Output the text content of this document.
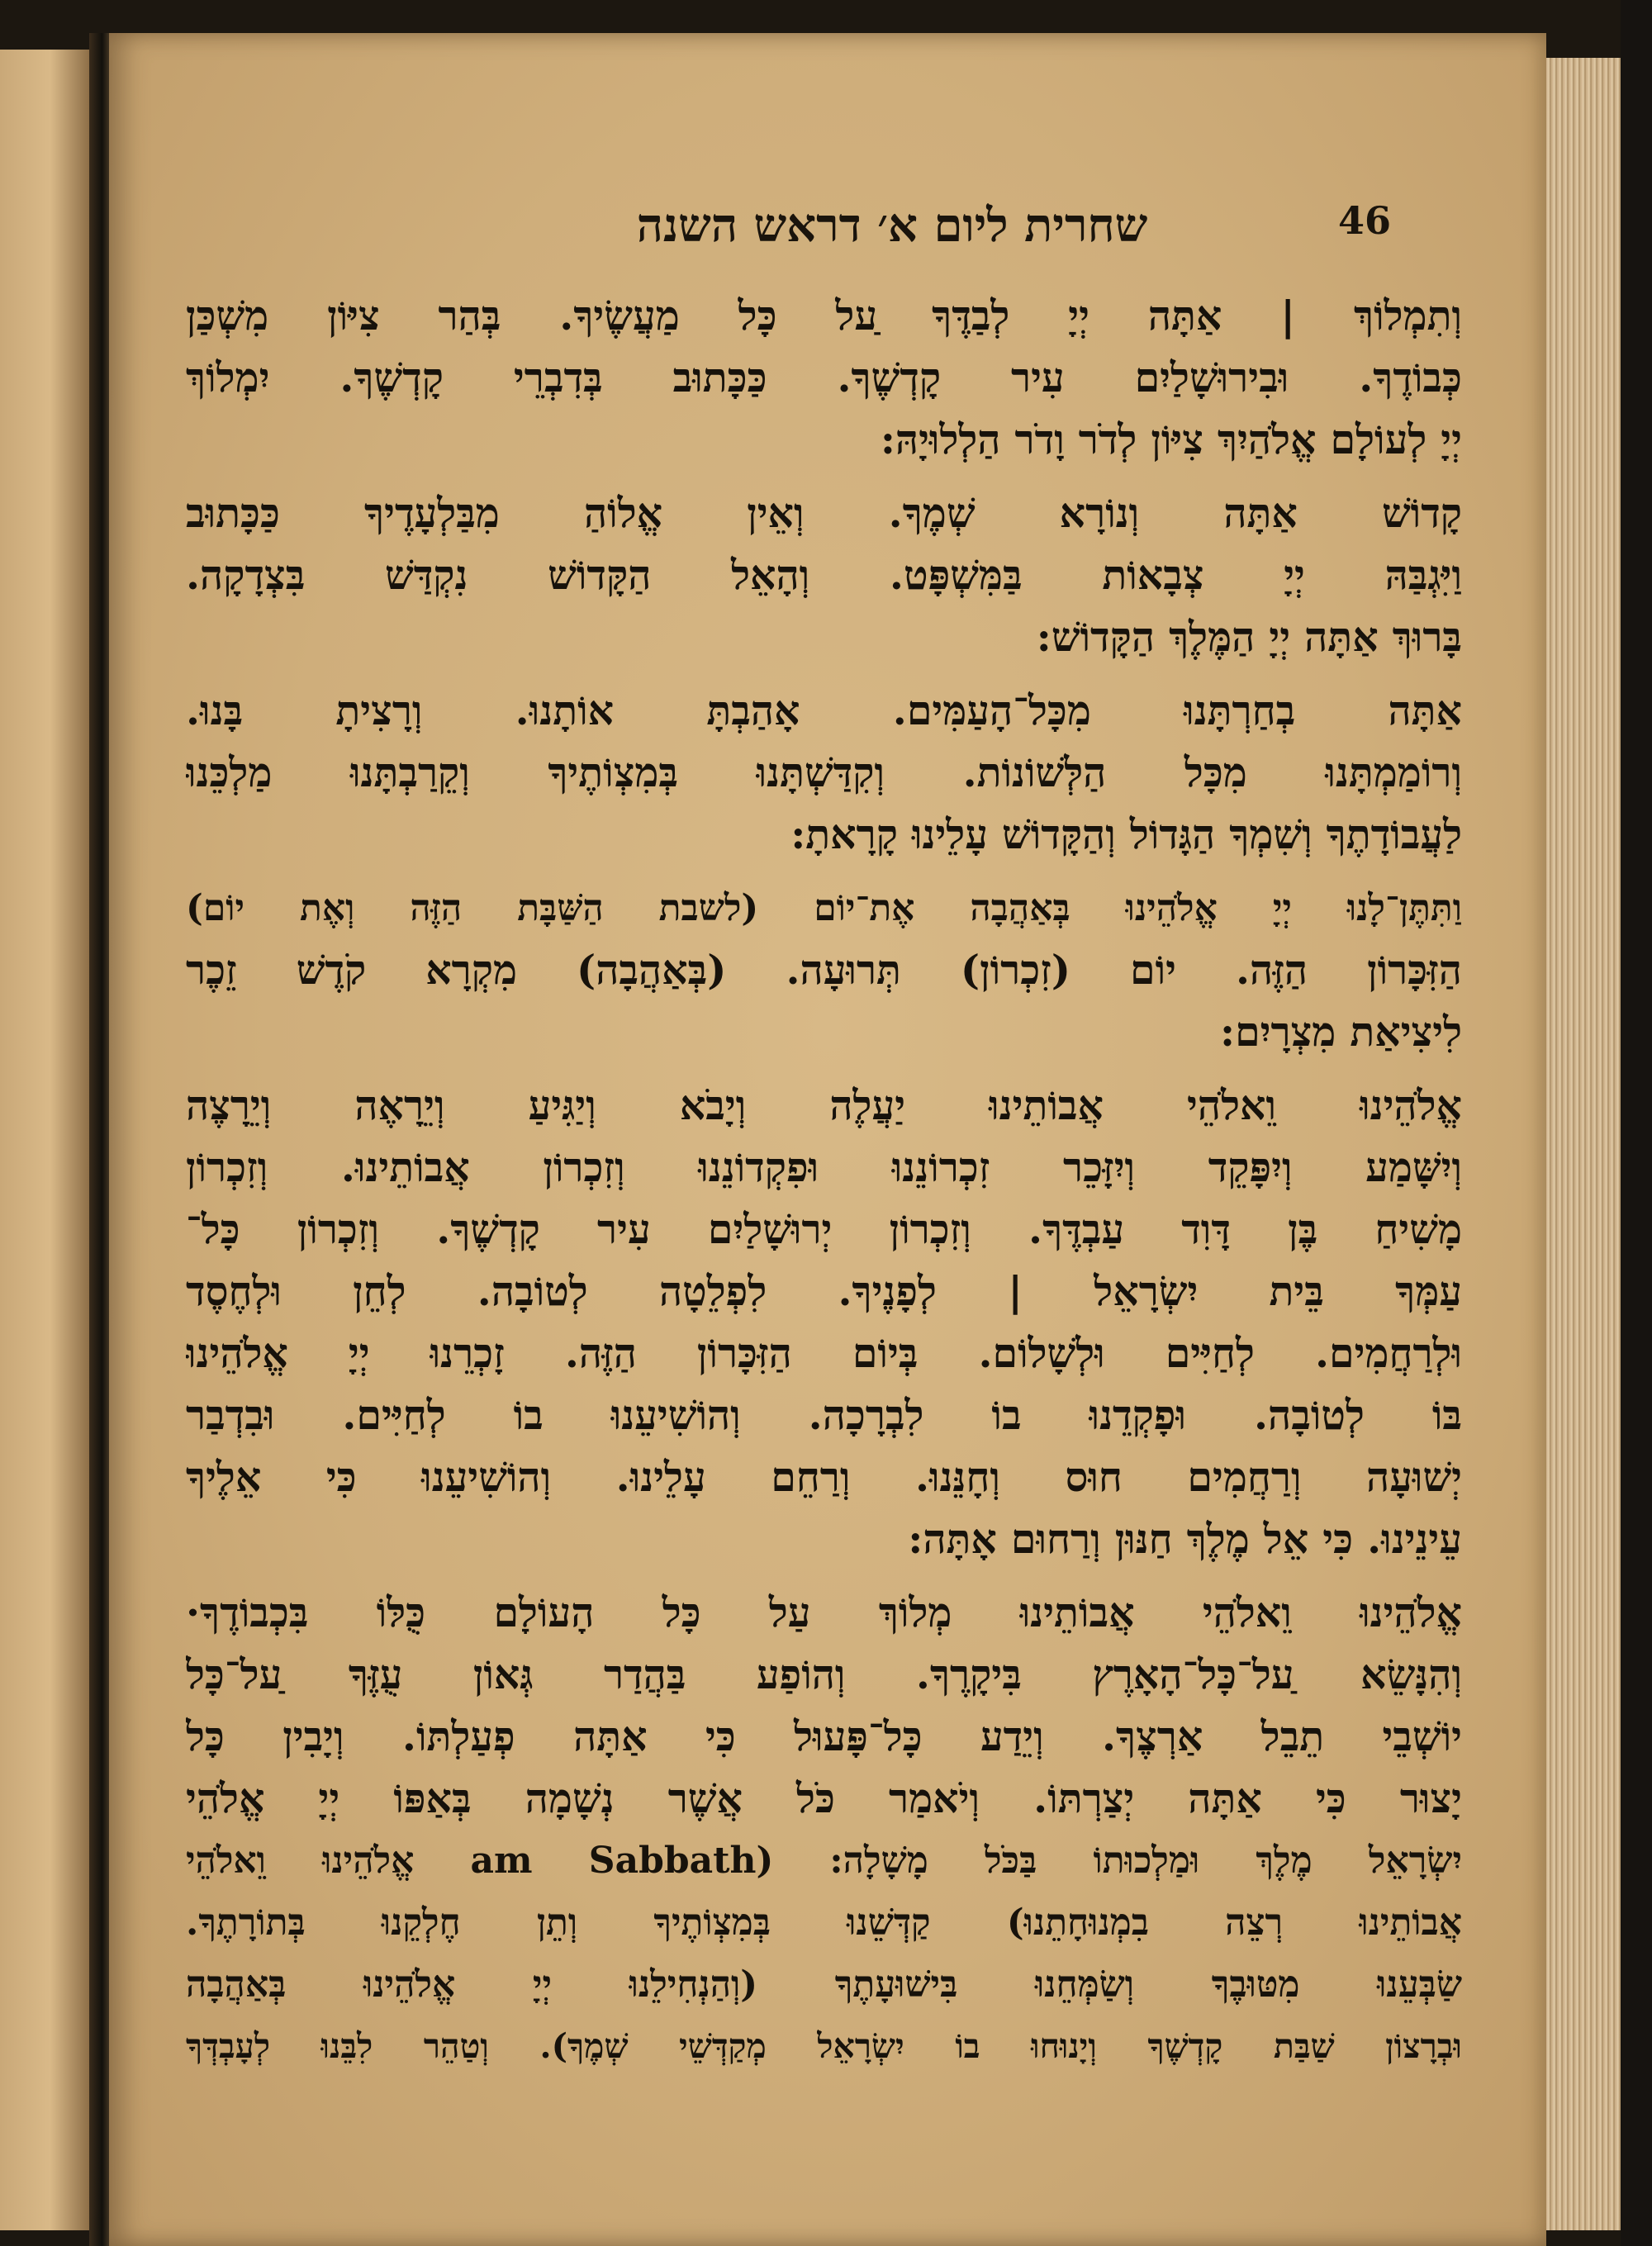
שחרית ליום א׳ דראש השנה	46
וְתִמְלוֹךְ | אַתָּה יְיָ לְבַדֶּךָ ַעל כָּל מַעֲשֶׂיךָ. בְּהַר צִיּוֹן מִשְׁכַּן
כְּבוֹדֶךָ. וּבִירוּשָׁלַיִם עִיר קָדְשֶׁךָ. כַּכָּתוּב בְּדִבְרֵי קָדְשֶׁךָ. יִמְלוֹךְ
יְיָ לְעוֹלָם אֱלֹהַיִךְ צִיּוֹן לְדֹר וָדֹר הַלְלוּיָהּ:
קָדוֹשׁ אַתָּה וְנוֹרָא שְׁמֶךָ. וְאֵין אֱלוֹהַ מִבַּלְעָדֶיךָ כַּכָּתוּב
וַיִּגְבַּהּ יְיָ צְבָאוֹת בַּמִּשְׁפָּט. וְהָאֵל הַקָּדוֹשׁ נִקְדַּשׁ בִּצְדָקָה.
בָּרוּךְ אַתָּה יְיָ הַמֶּלֶךְ הַקָּדוֹשׁ:
אַתָּה בְחַרְתָּנוּ מִכָּל־הָעַמִּים. אָהַבְתָּ אוֹתָנוּ. וְרָצִיתָ בָּנוּ.
וְרוֹמַמְתָּנוּ מִכָּל הַלְּשׁוֹנוֹת. וְקִדַּשְׁתָּנוּ בְּמִצְוֹתֶיךָ וְקֵרַבְתָּנוּ מַלְכֵּנוּ
לַעֲבוֹדָתֶךָ וְשִׁמְךָ הַגָּדוֹל וְהַקָּדוֹשׁ עָלֵינוּ קָרָאתָ:
וַתִּתֶּן־לָנוּ יְיָ אֱלֹהֵינוּ בְּאַהֲבָה אֶת־יוֹם (לשבת הַשַּׁבָּת הַזֶּה וְאֶת יוֹם)
הַזִּכָּרוֹן הַזֶּה. יוֹם (זִכְרוֹן) תְּרוּעָה. (בְּאַהֲבָה) מִקְרָא קֹדֶשׁ זֵכֶר
לִיצִיאַת מִצְרָיִם:
אֱלֹהֵינוּ וֵאלֹהֵי אֲבוֹתֵינוּ יַעֲלֶה וְיָבֹא וְיַגִּיעַ וְיֵרָאֶה וְיֵרָצֶה
וְיִשָּׁמַע וְיִפָּקֵד וְיִזָּכֵר זִכְרוֹנֵנוּ וּפִקְדוֹנֵנוּ וְזִכְרוֹן אֲבוֹתֵינוּ. וְזִכְרוֹן
מָשִׁיחַ בֶּן דָּוִד עַבְדֶּךָ. וְזִכְרוֹן יְרוּשָׁלַיִם עִיר קָדְשֶׁךָ. וְזִכְרוֹן כָּל־
עַמְּךָ בֵּית יִשְׂרָאֵל | לְפָנֶיךָ. לִפְלֵטָה לְטוֹבָה. לְחֵן וּלְחֶסֶד
וּלְרַחֲמִים. לְחַיִּים וּלְשָׁלוֹם. בְּיוֹם הַזִּכָּרוֹן הַזֶּה. זָכְרֵנוּ יְיָ אֱלֹהֵינוּ
בּוֹ לְטוֹבָה. וּפָקְדֵנוּ בוֹ לִבְרָכָה. וְהוֹשִׁיעֵנוּ בוֹ לְחַיִּים. וּבִדְבַר
יְשׁוּעָה וְרַחֲמִים חוּס וְחָנֵּנוּ. וְרַחֵם עָלֵינוּ. וְהוֹשִׁיעֵנוּ כִּי אֵלֶיךָ
עֵינֵינוּ. כִּי אֵל מֶלֶךְ חַנּוּן וְרַחוּם אָתָּה:
אֱלֹהֵינוּ וֵאלֹהֵי אֲבוֹתֵינוּ מְלוֹךְ עַל כָּל הָעוֹלָם כֻּלּוֹ בִּכְבוֹדֶךָ·
וְהִנָּשֵׂא ַעל־כָּל־הָאָרֶץ בִּיקָרֶךָ. וְהוֹפַע בַּהֲדַר גְּאוֹן עֻזֶּךָ ַעל־כָּל
יוֹשְׁבֵי תֵבֵל אַרְצֶךָ. וְיֵדַע כָּל־פָּעוּל כִּי אַתָּה פְעַלְתּוֹ. וְיָבִין כָּל
יָצוּר כִּי אַתָּה יְצַרְתּוֹ. וְיֹאמַר כֹּל אֲשֶׁר נְשָׁמָה בְּאַפּוֹ יְיָ אֱלֹהֵי
יִשְׂרָאֵל מֶלֶךְ וּמַלְכוּתוֹ בַּכֹּל מָשָׁלָה: (am Sabbath אֱלֹהֵינוּ וֵאלֹהֵי
אֲבוֹתֵינוּ רְצֵה בִמְנוּחָתֵנוּ) קַדְּשֵׁנוּ בְּמִצְוֹתֶיךָ וְתֵן חֶלְקֵנוּ בְּתוֹרָתֶךָ.
שַׂבְּעֵנוּ מִטּוּבֶךָ וְשַׂמְּחֵנוּ בִּישׁוּעָתֶךָ (וְהַנְחִילֵנוּ יְיָ אֱלֹהֵינוּ בְּאַהֲבָה
וּבְרָצוֹן שַׁבַּת קָדְשֶׁךָ וְיָנוּחוּ בוֹ יִשְׂרָאֵל מְקַדְּשֵׁי שְׁמֶךָ). וְטַהֵר לִבֵּנוּ לְעָבְדְּךָ
